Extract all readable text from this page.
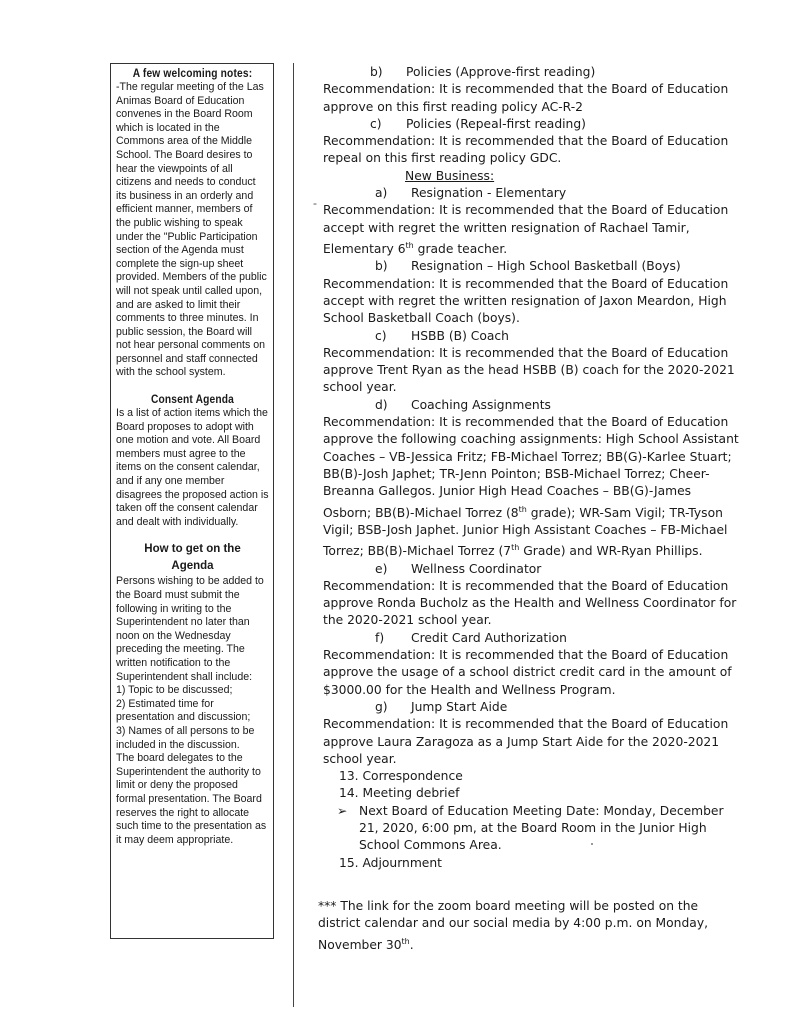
A few welcoming notes:
-The regular meeting of the Las Animas Board of Education convenes in the Board Room which is located in the Commons area of the Middle School. The Board desires to hear the viewpoints of all citizens and needs to conduct its business in an orderly and efficient manner, members of the public wishing to speak under the "Public Participation section of the Agenda must complete the sign-up sheet provided. Members of the public will not speak until called upon, and are asked to limit their comments to three minutes. In public session, the Board will not hear personal comments on personnel and staff connected with the school system.
Consent Agenda
Is a list of action items which the Board proposes to adopt with one motion and vote. All Board members must agree to the items on the consent calendar, and if any one member disagrees the proposed action is taken off the consent calendar and dealt with individually.
How to get on the Agenda
Persons wishing to be added to the Board must submit the following in writing to the Superintendent no later than noon on the Wednesday preceding the meeting. The written notification to the Superintendent shall include:
1) Topic to be discussed;
2) Estimated time for presentation and discussion;
3) Names of all persons to be included in the discussion.
The board delegates to the Superintendent the authority to limit or deny the proposed formal presentation. The Board reserves the right to allocate such time to the presentation as it may deem appropriate.
-

b) Policies (Approve-first reading)

Recommendation: It is recommended that the Board of Education approve on this first reading policy AC-R-2

c) Policies (Repeal-first reading)

Recommendation: It is recommended that the Board of Education repeal on this first reading policy GDC.

New Business:

a) Resignation - Elementary

Recommendation: It is recommended that the Board of Education accept with regret the written resignation of Rachael Tamir, Elementary 6th grade teacher.

b) Resignation – High School Basketball (Boys)

Recommendation: It is recommended that the Board of Education accept with regret the written resignation of Jaxon Meardon, High School Basketball Coach (boys).

c) HSBB (B) Coach

Recommendation: It is recommended that the Board of Education approve Trent Ryan as the head HSBB (B) coach for the 2020-2021 school year.

d) Coaching Assignments

Recommendation: It is recommended that the Board of Education approve the following coaching assignments: High School Assistant Coaches – VB-Jessica Fritz; FB-Michael Torrez; BB(G)-Karlee Stuart; BB(B)-Josh Japhet; TR-Jenn Pointon; BSB-Michael Torrez; Cheer-Breanna Gallegos. Junior High Head Coaches – BB(G)-James Osborn; BB(B)-Michael Torrez (8th grade); WR-Sam Vigil; TR-Tyson Vigil; BSB-Josh Japhet. Junior High Assistant Coaches – FB-Michael Torrez; BB(B)-Michael Torrez (7th Grade) and WR-Ryan Phillips.

e) Wellness Coordinator

Recommendation: It is recommended that the Board of Education approve Ronda Bucholz as the Health and Wellness Coordinator for the 2020-2021 school year.

f) Credit Card Authorization

Recommendation: It is recommended that the Board of Education approve the usage of a school district credit card in the amount of $3000.00 for the Health and Wellness Program.

g) Jump Start Aide

Recommendation: It is recommended that the Board of Education approve Laura Zaragoza as a Jump Start Aide for the 2020-2021 school year.

13. Correspondence

14. Meeting debrief

➢ Next Board of Education Meeting Date: Monday, December 21, 2020, 6:00 pm, at the Board Room in the Junior High School Commons Area.

15. Adjournment

*** The link for the zoom board meeting will be posted on the district calendar and our social media by 4:00 p.m. on Monday, November 30th.
